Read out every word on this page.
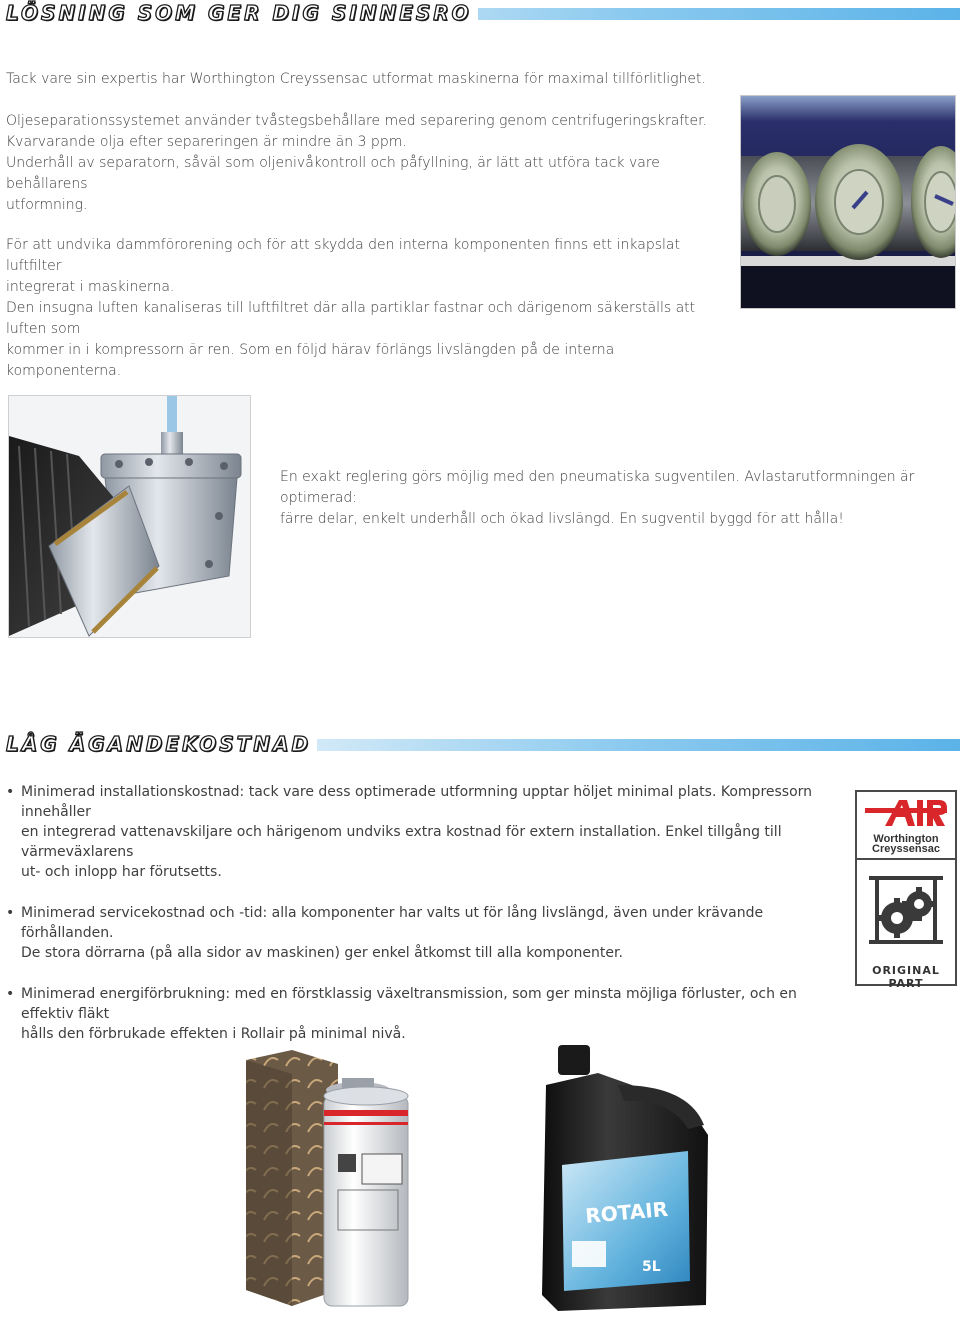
LÖSNING SOM GER DIG SINNESRO

Tack vare sin expertis har Worthington Creyssensac utformat maskinerna för maximal tillförlitlighet.

Oljeseparationssystemet använder tvåstegsbehållare med separering genom centrifugeringskrafter.

Kvarvarande olja efter separeringen är mindre än 3 ppm.

Underhåll av separatorn, såväl som oljenivåkontroll och påfyllning, är lätt att utföra tack vare behållarens

utformning.

För att undvika dammförorening och för att skydda den interna komponenten finns ett inkapslat luftfilter

integrerat i maskinerna.

Den insugna luften kanaliseras till luftfiltret där alla partiklar fastnar och därigenom säkerställs att luften som

kommer in i kompressorn är ren. Som en följd härav förlängs livslängden på de interna komponenterna.

En exakt reglering görs möjlig med den pneumatiska sugventilen. Avlastarutformningen är optimerad:

färre delar, enkelt underhåll och ökad livslängd. En sugventil byggd för att hålla!

LÅG ÄGANDEKOSTNAD
• Minimerad installationskostnad: tack vare dess optimerade utformning upptar höljet minimal plats. Kompressorn innehåller
en integrerad vattenavskiljare och härigenom undviks extra kostnad för extern installation. Enkel tillgång till värmeväxlarens
ut- och inlopp har förutsetts.
• Minimerad servicekostnad och -tid: alla komponenter har valts ut för lång livslängd, även under krävande förhållanden.
De stora dörrarna (på alla sidor av maskinen) ger enkel åtkomst till alla komponenter.
• Minimerad energiförbrukning: med en förstklassig växeltransmission, som ger minsta möjliga förluster, och en effektiv fläkt
hålls den förbrukade effekten i Rollair på minimal nivå.
Worthington
Creyssensac
ORIGINAL PART
ROTAIR
5L
